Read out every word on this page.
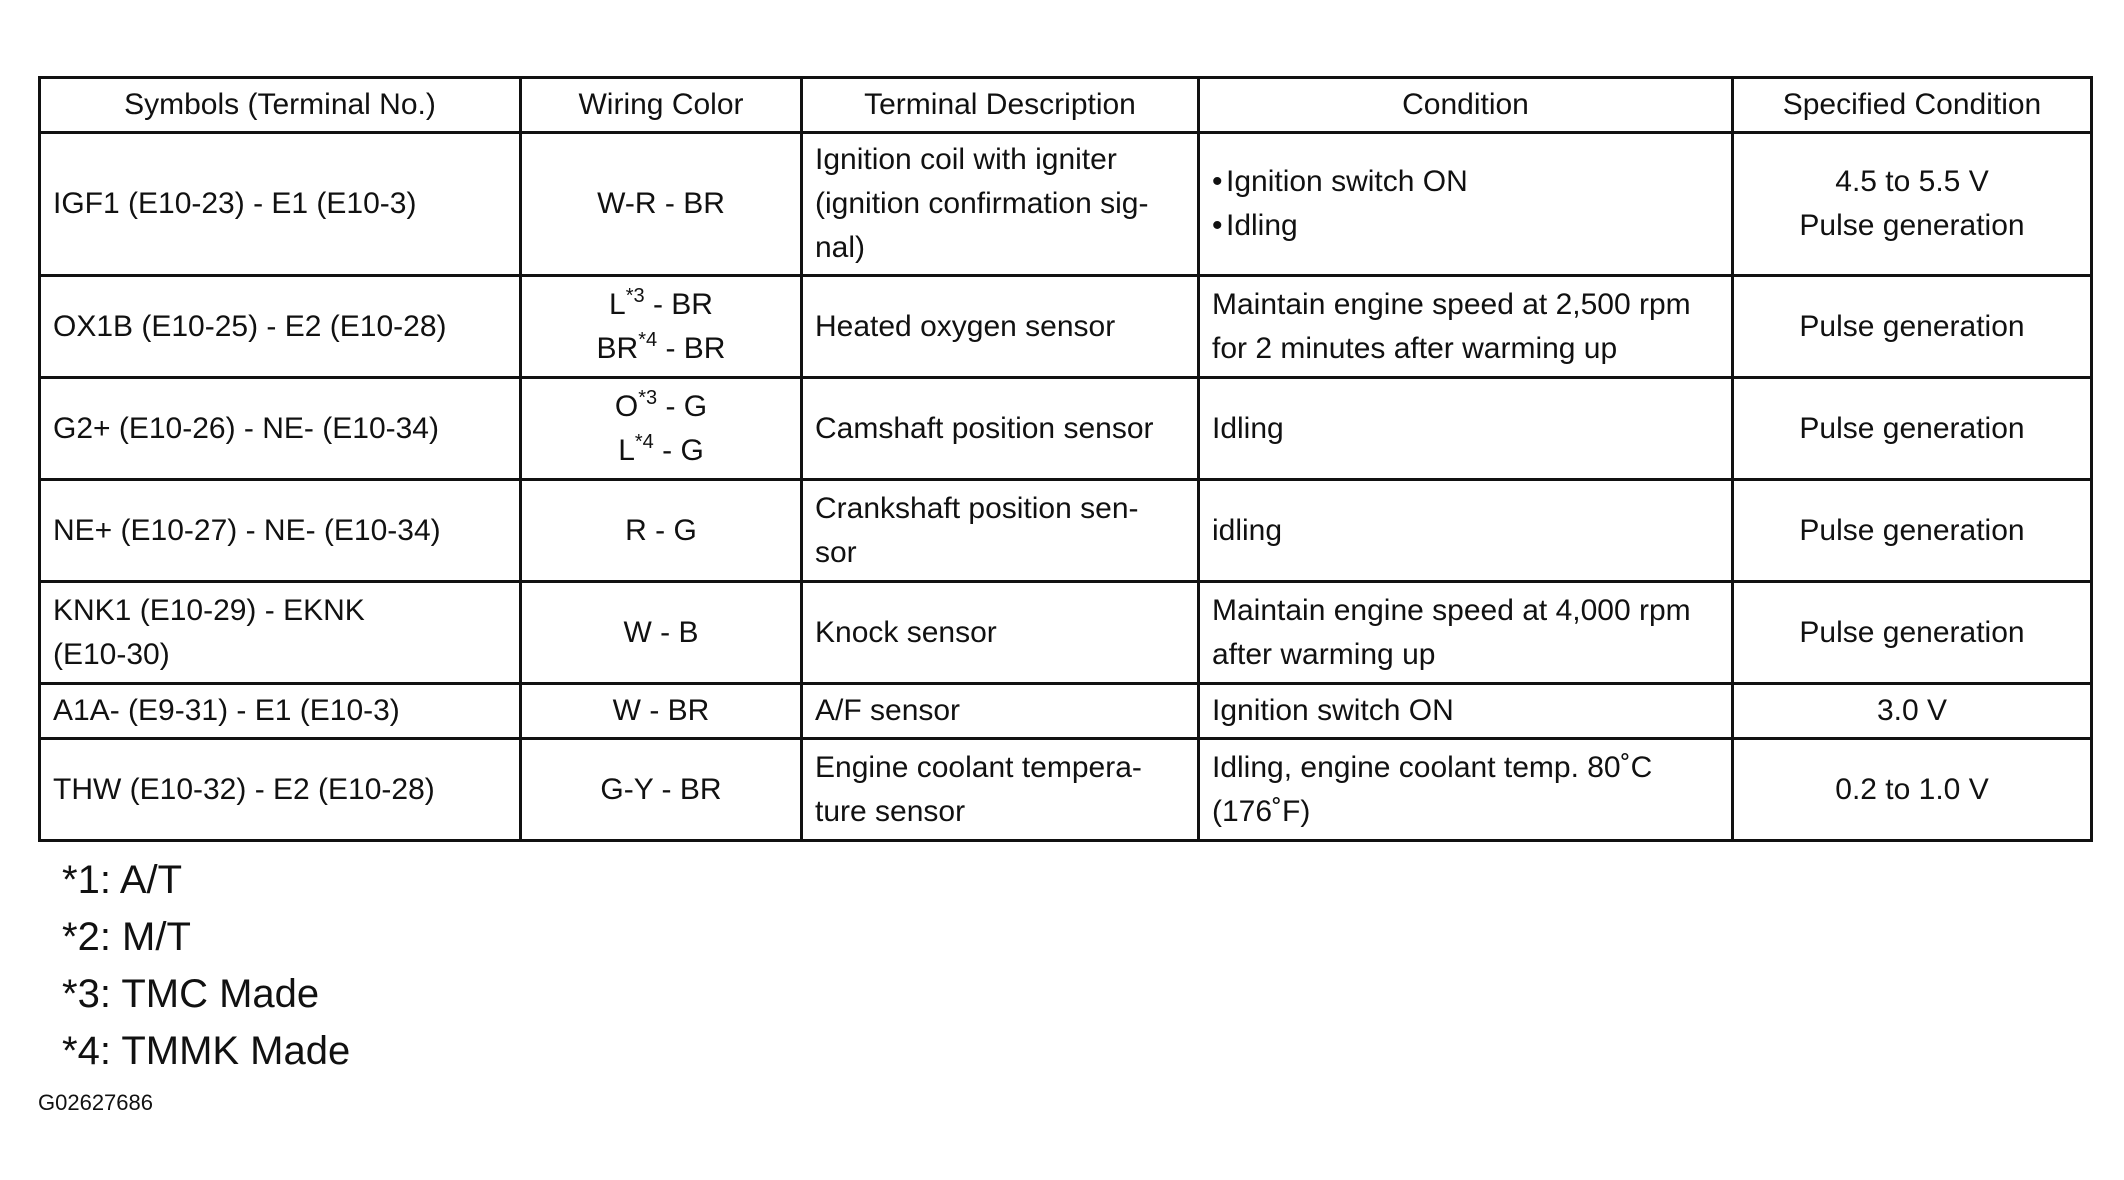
Symbols (Terminal No.)	Wiring Color	Terminal Description	Condition	Specified Condition

IGF1 (E10-23) - E1 (E10-3)	W-R - BR	Ignition coil with igniter
(ignition confirmation sig-
nal)	• Ignition switch ON
• Idling	4.5 to 5.5 V
Pulse generation

OX1B (E10-25) - E2 (E10-28)	$L^{*3}$ - BR
BR$^{*4}$ - BR	Heated oxygen sensor	Maintain engine speed at 2,500 rpm
for 2 minutes after warming up	Pulse generation

G2+ (E10-26) - NE- (E10-34)	$O^{*3}$ - G
$L^{*4}$ - G	Camshaft position sensor	Idling	Pulse generation

NE+ (E10-27) - NE- (E10-34)	R - G	Crankshaft position sen-
sor	idling	Pulse generation

KNK1 (E10-29) - EKNK
(E10-30)	W - B	Knock sensor	Maintain engine speed at 4,000 rpm
after warming up	Pulse generation

A1A- (E9-31) - E1 (E10-3)	W - BR	A/F sensor	Ignition switch ON	3.0 V

THW (E10-32) - E2 (E10-28)	G-Y - BR	Engine coolant tempera-
ture sensor	Idling, engine coolant temp. 80˚C
(176˚F)	0.2 to 1.0 V
*1: A/T
*2: M/T
*3: TMC Made
*4: TMMK Made
G02627686
